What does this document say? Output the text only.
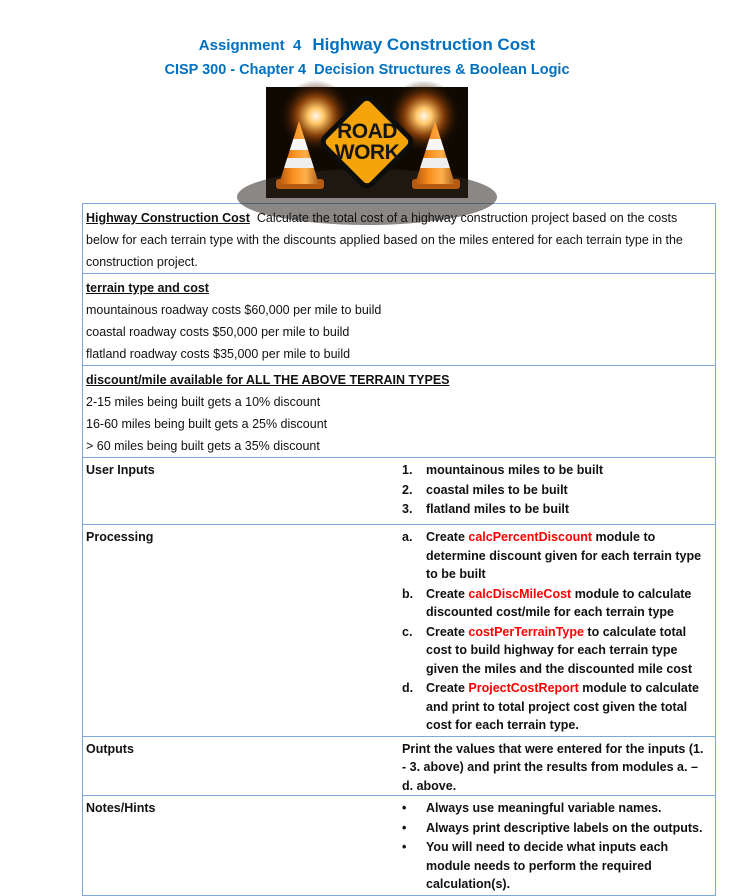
Assignment  4 Highway Construction Cost
CISP 300 - Chapter 4  Decision Structures & Boolean Logic
ROAD
WORK

Highway Construction Cost  Calculate the total cost of a highway construction project based on the costs below for each terrain type with the discounts applied based on the miles entered for each terrain type in the construction project.	

terrain type and cost

mountainous roadway costs $60,000 per mile to build

coastal roadway costs $50,000 per mile to build

flatland roadway costs $35,000 per mile to build	

discount/mile available for ALL THE ABOVE TERRAIN TYPES

2-15 miles being built gets a 10% discount

16-60 miles being built gets a 25% discount

> 60 miles being built gets a 35% discount	

User Inputs	1.	mountainous miles to be built
2.	coastal miles to be built
3.	flatland miles to be built

Processing	a.	Create calcPercentDiscount module to determine discount given for each terrain type to be built
b.	Create calcDiscMileCost module to calculate discounted cost/mile for each terrain type
c.	Create costPerTerrainType to calculate total cost to build highway for each terrain type given the miles and the discounted mile cost
d.	Create ProjectCostReport module to calculate and print to total project cost given the total cost for each terrain type.

Outputs	Print the values that were entered for the inputs (1. - 3. above) and print the results from modules a. – d. above.

Notes/Hints	•	Always use meaningful variable names.
•	Always print descriptive labels on the outputs.
•	You will need to decide what inputs each module needs to perform the required calculation(s).
